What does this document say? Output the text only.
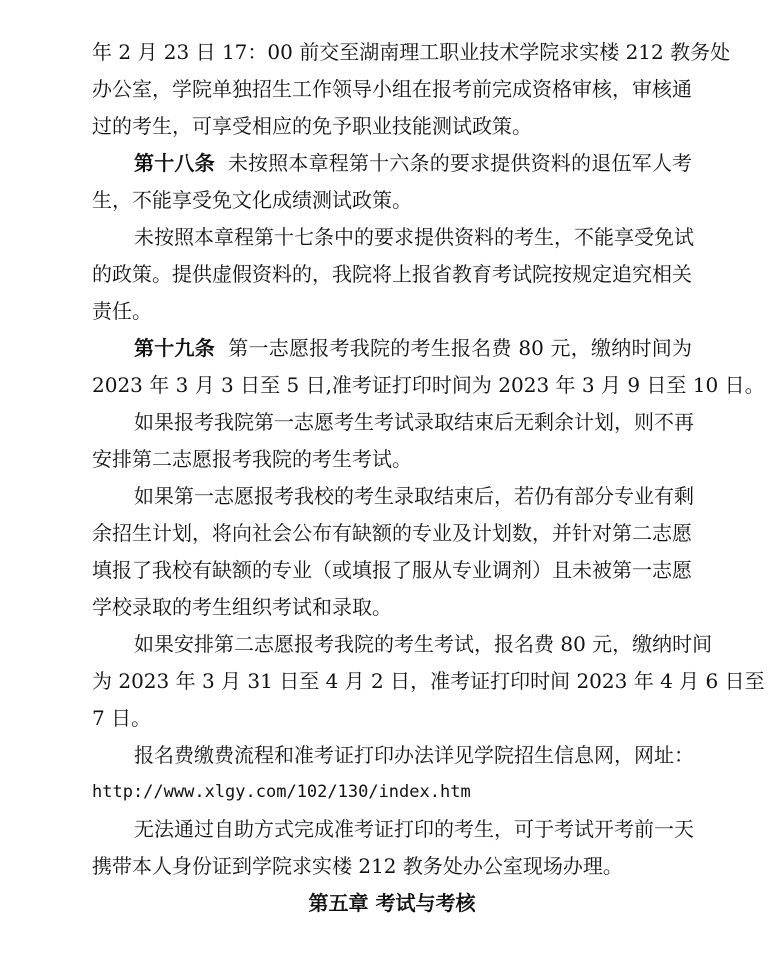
年 2 月 23 日 17：00 前交至湖南理工职业技术学院求实楼 212 教务处
办公室，学院单独招生工作领导小组在报考前完成资格审核，审核通
过的考生，可享受相应的免予职业技能测试政策。
第十八条 未按照本章程第十六条的要求提供资料的退伍军人考
生，不能享受免文化成绩测试政策。
未按照本章程第十七条中的要求提供资料的考生，不能享受免试
的政策。提供虚假资料的，我院将上报省教育考试院按规定追究相关
责任。
第十九条 第一志愿报考我院的考生报名费 80 元，缴纳时间为
2023 年 3 月 3 日至 5 日,准考证打印时间为 2023 年 3 月 9 日至 10 日。
如果报考我院第一志愿考生考试录取结束后无剩余计划，则不再
安排第二志愿报考我院的考生考试。
如果第一志愿报考我校的考生录取结束后，若仍有部分专业有剩
余招生计划，将向社会公布有缺额的专业及计划数，并针对第二志愿
填报了我校有缺额的专业（或填报了服从专业调剂）且未被第一志愿
学校录取的考生组织考试和录取。
如果安排第二志愿报考我院的考生考试，报名费 80 元，缴纳时间
为 2023 年 3 月 31 日至 4 月 2 日，准考证打印时间 2023 年 4 月 6 日至
7 日。
报名费缴费流程和准考证打印办法详见学院招生信息网，网址：
http://www.xlgy.com/102/130/index.htm
无法通过自助方式完成准考证打印的考生，可于考试开考前一天
携带本人身份证到学院求实楼 212 教务处办公室现场办理。
第五章 考试与考核
